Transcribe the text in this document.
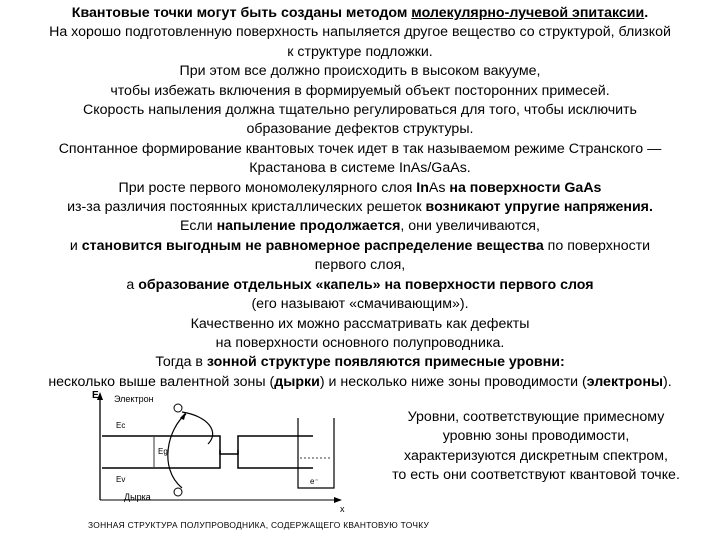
Квантовые точки могут быть созданы методом молекулярно-лучевой эпитаксии.
На хорошо подготовленную поверхность напыляется другое вещество со структурой, близкой
к структуре подложки.
При этом все должно происходить в высоком вакууме,
чтобы избежать включения в формируемый объект посторонних примесей.
Скорость напыления должна тщательно регулироваться для того, чтобы исключить
образование дефектов структуры.
Спонтанное формирование квантовых точек идет в так называемом режиме Странского —
Крастанова в системе InAs/GaAs.
При росте первого мономолекулярного слоя InAs на поверхности GaAs
из-за различия постоянных кристаллических решеток возникают упругие напряжения.
Если напыление продолжается, они увеличиваются,
и становится выгодным не равномерное распределение вещества по поверхности
первого слоя,
а образование отдельных «капель» на поверхности первого слоя
(его называют «смачивающим»).
Качественно их можно рассматривать как дефекты
на поверхности основного полупроводника.
Тогда в зонной структуре появляются примесные уровни:
несколько выше валентной зоны (дырки) и несколько ниже зоны проводимости (электроны).
E
x
Электрон
Ec
Eg
Ev
Дырка
e⁻
ЗОННАЯ СТРУКТУРА ПОЛУПРОВОДНИКА, СОДЕРЖАЩЕГО КВАНТОВУЮ ТОЧКУ
Уровни, соответствующие примесному
уровню зоны проводимости,
характеризуются дискретным спектром,
то есть они соответствуют квантовой точке.
